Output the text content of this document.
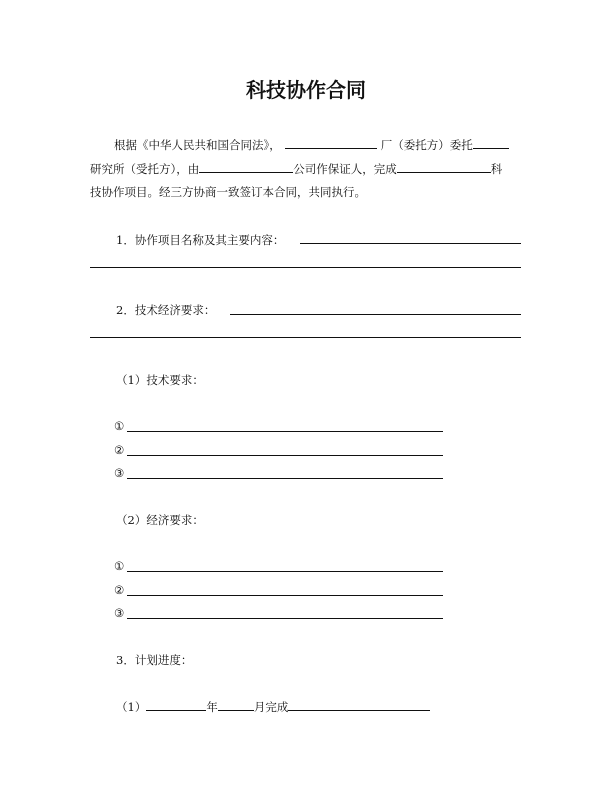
科技协作合同
根据《中华人民共和国合同法》，	厂（委托方）委托
研究所（受托方），由	公司作保证人，完成	科
技协作项目。经三方协商一致签订本合同，共同执行。
1．协作项目名称及其主要内容：
2．技术经济要求：
（1）技术要求：
①
②
③
（2）经济要求：
①
②
③
3．计划进度：
（1）	年	月完成
